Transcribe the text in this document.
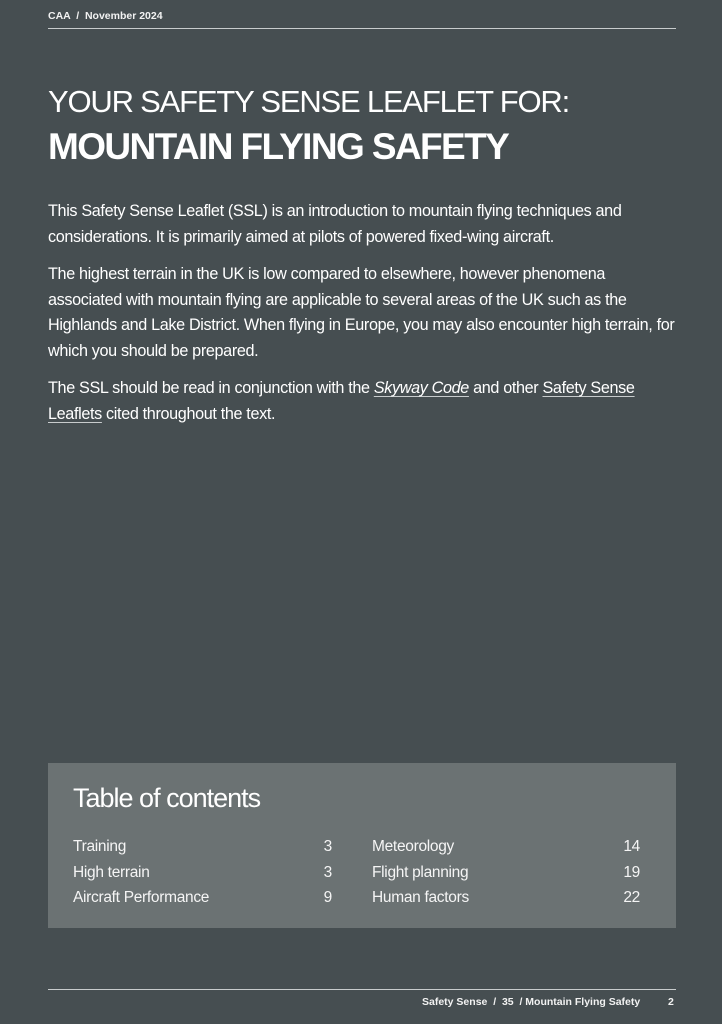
CAA  /  November 2024
YOUR SAFETY SENSE LEAFLET FOR:
MOUNTAIN FLYING SAFETY

This Safety Sense Leaflet (SSL) is an introduction to mountain flying techniques and considerations. It is primarily aimed at pilots of powered fixed-wing aircraft.

The highest terrain in the UK is low compared to elsewhere, however phenomena associated with mountain flying are applicable to several areas of the UK such as the Highlands and Lake District. When flying in Europe, you may also encounter high terrain, for which you should be prepared.

The SSL should be read in conjunction with the Skyway Code and other Safety Sense Leaflets cited throughout the text.

Table of contents
Training	3
High terrain	3
Aircraft Performance	9
Meteorology	14
Flight planning	19
Human factors	22
Safety Sense  /  35  / Mountain Flying Safety	2
